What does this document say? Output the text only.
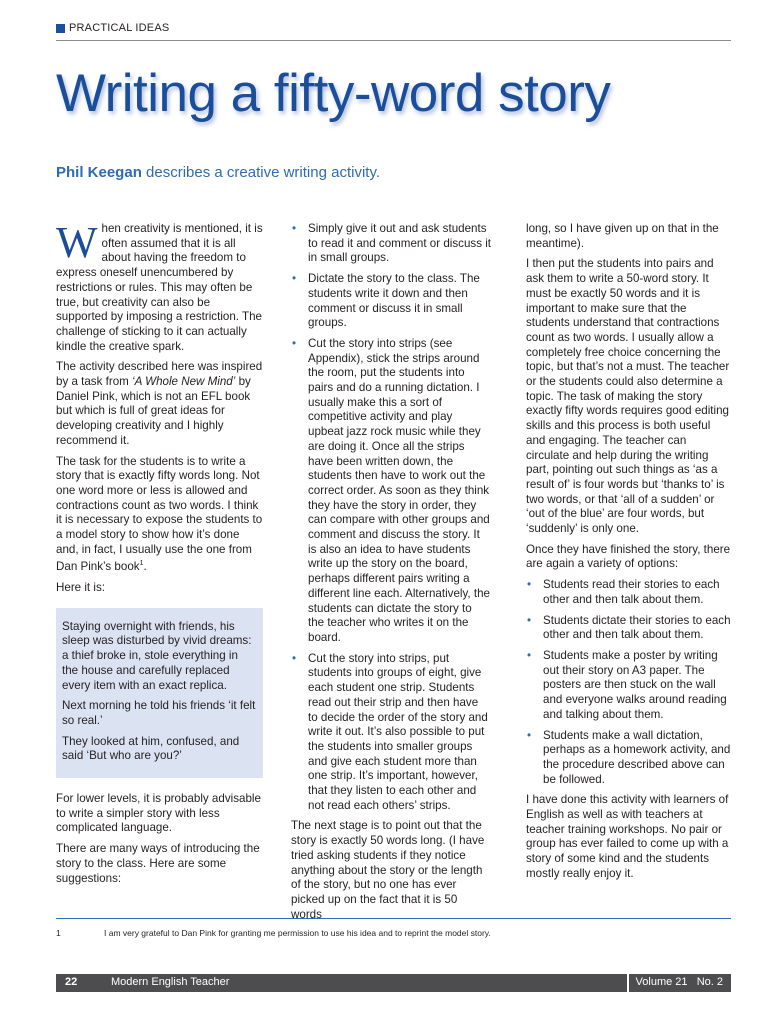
PRACTICAL IDEAS
Writing a fifty-word story
Phil Keegan describes a creative writing activity.

When creativity is mentioned, it is often assumed that it is all about having the freedom to express oneself unencumbered by restrictions or rules. This may often be true, but creativity can also be supported by imposing a restriction. The challenge of sticking to it can actually kindle the creative spark.

The activity described here was inspired by a task from ‘A Whole New Mind’ by Daniel Pink, which is not an EFL book but which is full of great ideas for developing creativity and I highly recommend it.

The task for the students is to write a story that is exactly fifty words long. Not one word more or less is allowed and contractions count as two words. I think it is necessary to expose the students to a model story to show how it’s done and, in fact, I usually use the one from Dan Pink’s book$^1$.

Here it is:

Staying overnight with friends, his sleep was disturbed by vivid dreams: a thief broke in, stole everything in the house and carefully replaced every item with an exact replica.

Next morning he told his friends ‘it felt so real.’

They looked at him, confused, and said ‘But who are you?’

For lower levels, it is probably advisable to write a simpler story with less complicated language.

There are many ways of introducing the story to the class. Here are some suggestions:

• Simply give it out and ask students to read it and comment or discuss it in small groups.
• Dictate the story to the class. The students write it down and then comment or discuss it in small groups.
• Cut the story into strips (see Appendix), stick the strips around the room, put the students into pairs and do a running dictation. I usually make this a sort of competitive activity and play upbeat jazz rock music while they are doing it. Once all the strips have been written down, the students then have to work out the correct order. As soon as they think they have the story in order, they can compare with other groups and comment and discuss the story. It is also an idea to have students write up the story on the board, perhaps different pairs writing a different line each. Alternatively, the students can dictate the story to the teacher who writes it on the board.
• Cut the story into strips, put students into groups of eight, give each student one strip. Students read out their strip and then have to decide the order of the story and write it out. It’s also possible to put the students into smaller groups and give each student more than one strip. It’s important, however, that they listen to each other and not read each others’ strips.

The next stage is to point out that the story is exactly 50 words long. (I have tried asking students if they notice anything about the story or the length of the story, but no one has ever picked up on the fact that it is 50 words

long, so I have given up on that in the meantime).

I then put the students into pairs and ask them to write a 50-word story. It must be exactly 50 words and it is important to make sure that the students understand that contractions count as two words. I usually allow a completely free choice concerning the topic, but that’s not a must. The teacher or the students could also determine a topic. The task of making the story exactly fifty words requires good editing skills and this process is both useful and engaging. The teacher can circulate and help during the writing part, pointing out such things as ‘as a result of’ is four words but ‘thanks to’ is two words, or that ‘all of a sudden’ or ‘out of the blue’ are four words, but ‘suddenly’ is only one.

Once they have finished the story, there are again a variety of options:

• Students read their stories to each other and then talk about them.
• Students dictate their stories to each other and then talk about them.
• Students make a poster by writing out their story on A3 paper. The posters are then stuck on the wall and everyone walks around reading and talking about them.
• Students make a wall dictation, perhaps as a homework activity, and the procedure described above can be followed.

I have done this activity with learners of English as well as with teachers at teacher training workshops. No pair or group has ever failed to come up with a story of some kind and the students mostly really enjoy it.

1	I am very grateful to Dan Pink for granting me permission to use his idea and to reprint the model story.
22	Modern English Teacher	Volume 21   No. 2
